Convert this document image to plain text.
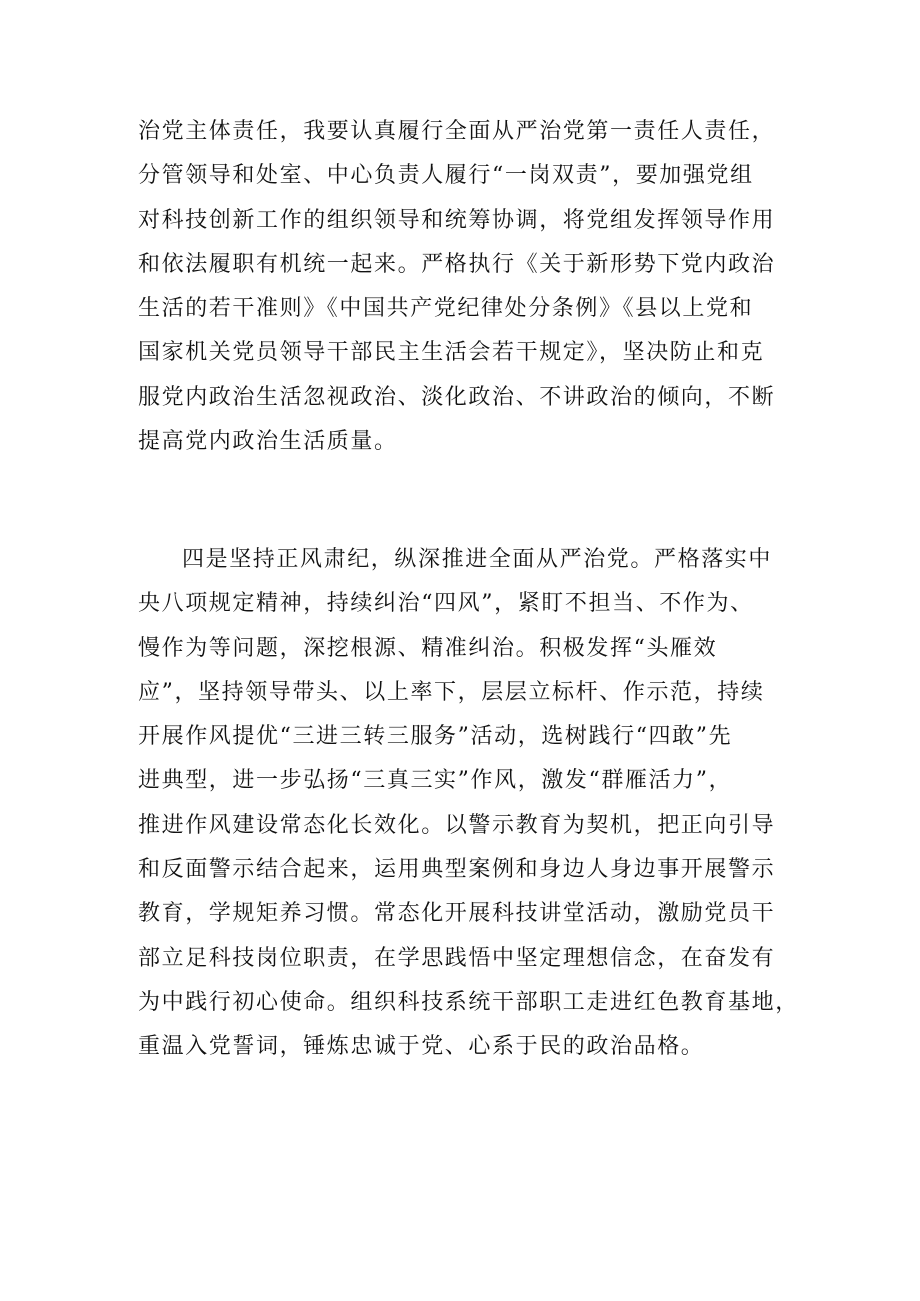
治党主体责任，我要认真履行全面从严治党第一责任人责任，
分管领导和处室、中心负责人履行“一岗双责”，要加强党组
对科技创新工作的组织领导和统筹协调，将党组发挥领导作用
和依法履职有机统一起来。严格执行《关于新形势下党内政治
生活的若干准则》《中国共产党纪律处分条例》《县以上党和
国家机关党员领导干部民主生活会若干规定》，坚决防止和克
服党内政治生活忽视政治、淡化政治、不讲政治的倾向，不断
提高党内政治生活质量。
四是坚持正风肃纪，纵深推进全面从严治党。严格落实中
央八项规定精神，持续纠治“四风”，紧盯不担当、不作为、
慢作为等问题，深挖根源、精准纠治。积极发挥“头雁效
应”，坚持领导带头、以上率下，层层立标杆、作示范，持续
开展作风提优“三进三转三服务”活动，选树践行“四敢”先
进典型，进一步弘扬“三真三实”作风，激发“群雁活力”，
推进作风建设常态化长效化。以警示教育为契机，把正向引导
和反面警示结合起来，运用典型案例和身边人身边事开展警示
教育，学规矩养习惯。常态化开展科技讲堂活动，激励党员干
部立足科技岗位职责，在学思践悟中坚定理想信念，在奋发有
为中践行初心使命。组织科技系统干部职工走进红色教育基地，
重温入党誓词，锤炼忠诚于党、心系于民的政治品格。
